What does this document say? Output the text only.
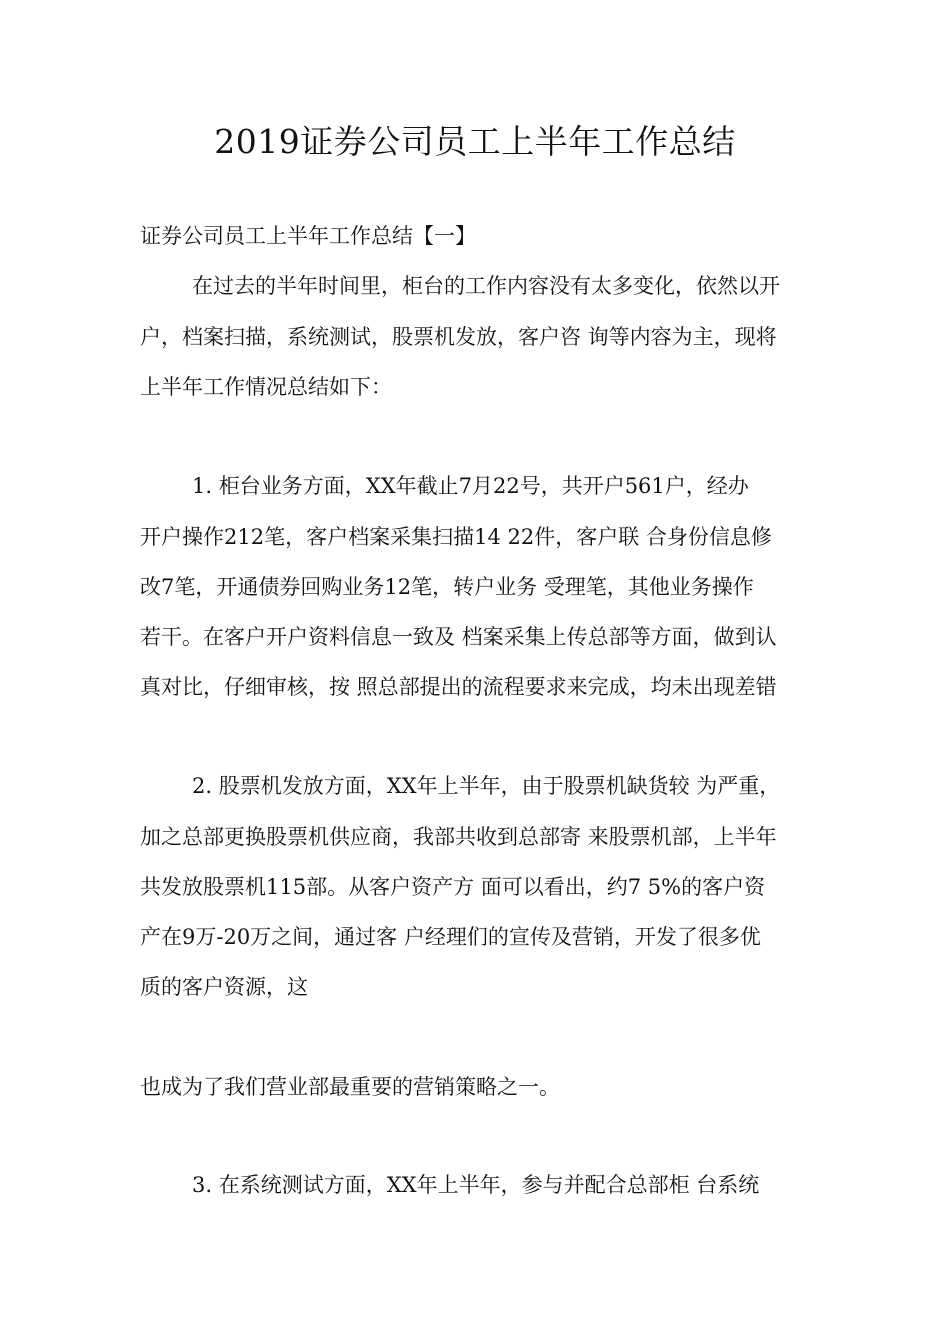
2019证券公司员工上半年工作总结
证券公司员工上半年工作总结【一】
在过去的半年时间里，柜台的工作内容没有太多变化，依然以开
户，档案扫描，系统测试，股票机发放，客户咨 询等内容为主，现将
上半年工作情况总结如下：
1. 柜台业务方面，XX年截止7月22号，共开户561户，经办
开户操作212笔，客户档案采集扫描14 22件，客户联 合身份信息修
改7笔，开通债券回购业务12笔，转户业务 受理笔，其他业务操作
若干。在客户开户资料信息一致及 档案采集上传总部等方面，做到认
真对比，仔细审核，按 照总部提出的流程要求来完成，均未出现差错
2. 股票机发放方面，XX年上半年，由于股票机缺货较 为严重，
加之总部更换股票机供应商，我部共收到总部寄 来股票机部，上半年
共发放股票机115部。从客户资产方 面可以看出，约7 5%的客户资
产在9万-20万之间，通过客 户经理们的宣传及营销，开发了很多优
质的客户资源，这
也成为了我们营业部最重要的营销策略之一。
3. 在系统测试方面，XX年上半年，参与并配合总部柜 台系统
